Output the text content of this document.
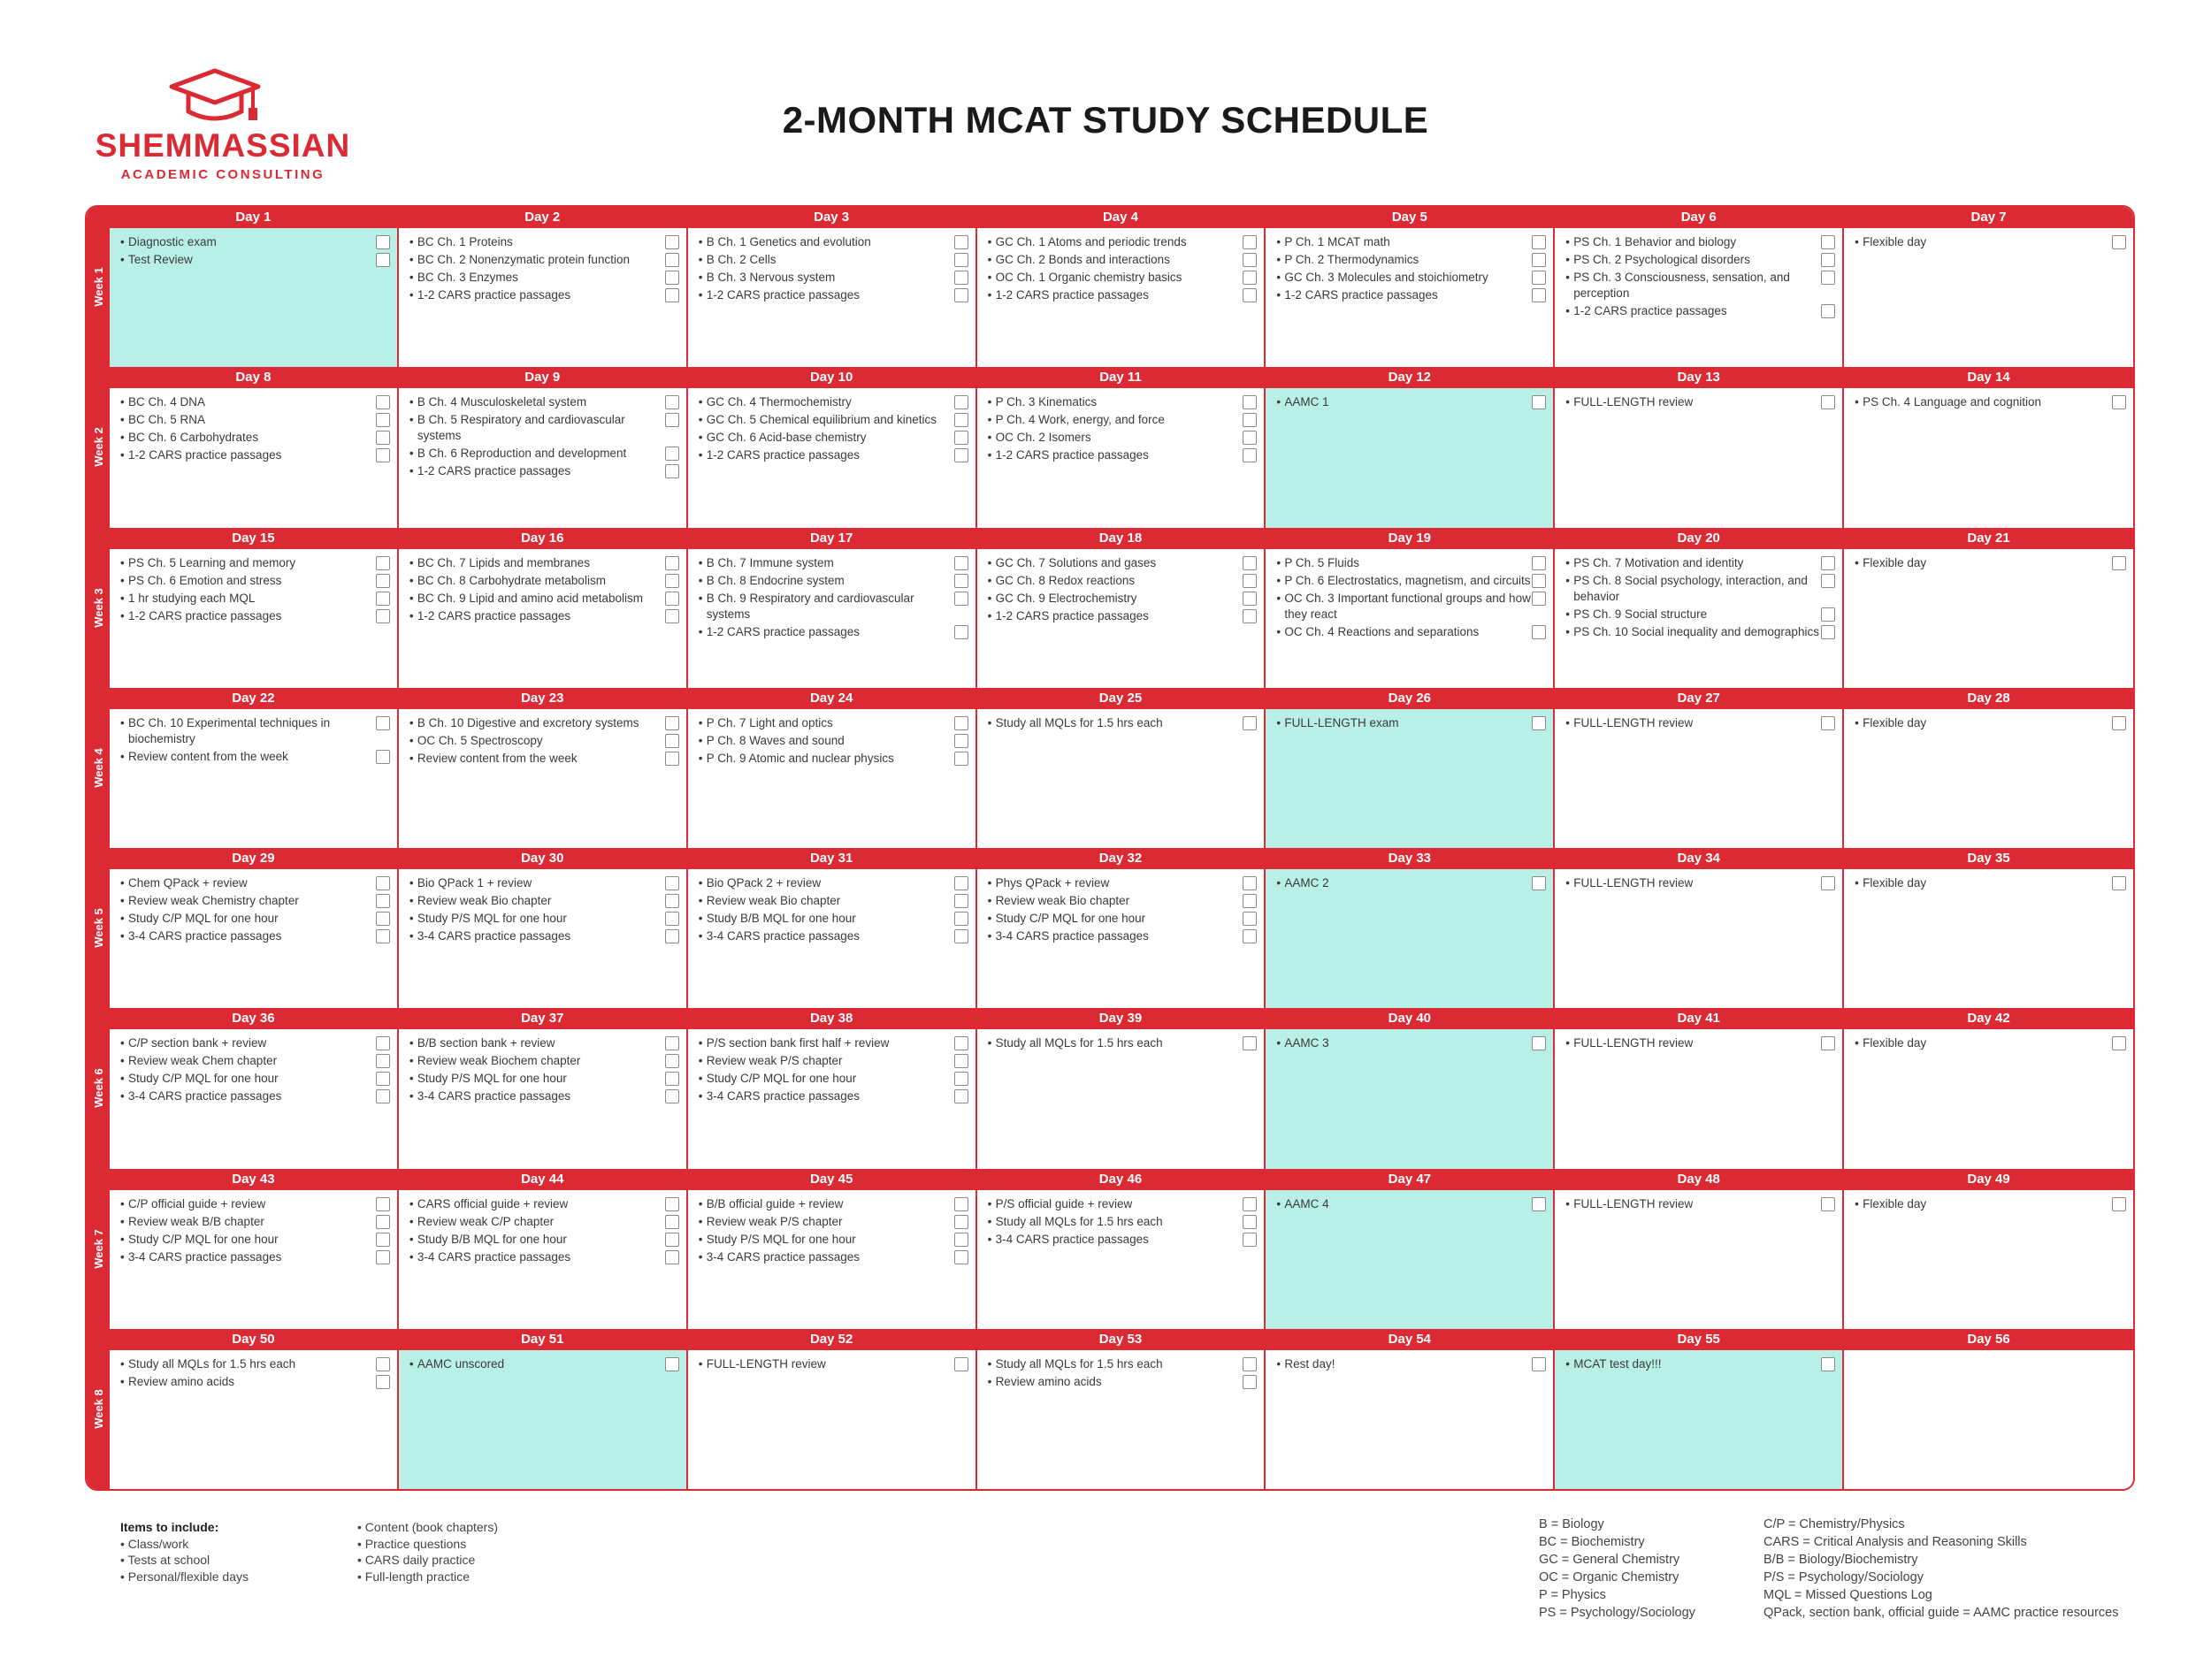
SHEMMASSIAN
ACADEMIC CONSULTING
2-MONTH MCAT STUDY SCHEDULE
Week 1
Week 2
Week 3
Week 4
Week 5
Week 6
Week 7
Week 8
Day 1
• Diagnostic exam
• Test Review
Day 2
• BC Ch. 1 Proteins
• BC Ch. 2 Nonenzymatic protein function
• BC Ch. 3 Enzymes
• 1-2 CARS practice passages
Day 3
• B Ch. 1 Genetics and evolution
• B Ch. 2 Cells
• B Ch. 3 Nervous system
• 1-2 CARS practice passages
Day 4
• GC Ch. 1 Atoms and periodic trends
• GC Ch. 2 Bonds and interactions
• OC Ch. 1 Organic chemistry basics
• 1-2 CARS practice passages
Day 5
• P Ch. 1 MCAT math
• P Ch. 2 Thermodynamics
• GC Ch. 3 Molecules and stoichiometry
• 1-2 CARS practice passages
Day 6
• PS Ch. 1 Behavior and biology
• PS Ch. 2 Psychological disorders
• PS Ch. 3 Consciousness, sensation, and perception
• 1-2 CARS practice passages
Day 7
• Flexible day
Day 8
• BC Ch. 4 DNA
• BC Ch. 5 RNA
• BC Ch. 6 Carbohydrates
• 1-2 CARS practice passages
Day 9
• B Ch. 4 Musculoskeletal system
• B Ch. 5 Respiratory and cardiovascular systems
• B Ch. 6 Reproduction and development
• 1-2 CARS practice passages
Day 10
• GC Ch. 4 Thermochemistry
• GC Ch. 5 Chemical equilibrium and kinetics
• GC Ch. 6 Acid-base chemistry
• 1-2 CARS practice passages
Day 11
• P Ch. 3 Kinematics
• P Ch. 4 Work, energy, and force
• OC Ch. 2 Isomers
• 1-2 CARS practice passages
Day 12
• AAMC 1
Day 13
• FULL-LENGTH review
Day 14
• PS Ch. 4 Language and cognition
Day 15
• PS Ch. 5 Learning and memory
• PS Ch. 6 Emotion and stress
• 1 hr studying each MQL
• 1-2 CARS practice passages
Day 16
• BC Ch. 7 Lipids and membranes
• BC Ch. 8 Carbohydrate metabolism
• BC Ch. 9 Lipid and amino acid metabolism
• 1-2 CARS practice passages
Day 17
• B Ch. 7 Immune system
• B Ch. 8 Endocrine system
• B Ch. 9 Respiratory and cardiovascular systems
• 1-2 CARS practice passages
Day 18
• GC Ch. 7 Solutions and gases
• GC Ch. 8 Redox reactions
• GC Ch. 9 Electrochemistry
• 1-2 CARS practice passages
Day 19
• P Ch. 5 Fluids
• P Ch. 6 Electrostatics, magnetism, and circuits
• OC Ch. 3 Important functional groups and how they react
• OC Ch. 4 Reactions and separations
Day 20
• PS Ch. 7 Motivation and identity
• PS Ch. 8 Social psychology, interaction, and behavior
• PS Ch. 9 Social structure
• PS Ch. 10 Social inequality and demographics
Day 21
• Flexible day
Day 22
• BC Ch. 10 Experimental techniques in biochemistry
• Review content from the week
Day 23
• B Ch. 10 Digestive and excretory systems
• OC Ch. 5 Spectroscopy
• Review content from the week
Day 24
• P Ch. 7 Light and optics
• P Ch. 8 Waves and sound
• P Ch. 9 Atomic and nuclear physics
Day 25
• Study all MQLs for 1.5 hrs each
Day 26
• FULL-LENGTH exam
Day 27
• FULL-LENGTH review
Day 28
• Flexible day
Day 29
• Chem QPack + review
• Review weak Chemistry chapter
• Study C/P MQL for one hour
• 3-4 CARS practice passages
Day 30
• Bio QPack 1 + review
• Review weak Bio chapter
• Study P/S MQL for one hour
• 3-4 CARS practice passages
Day 31
• Bio QPack 2 + review
• Review weak Bio chapter
• Study B/B MQL for one hour
• 3-4 CARS practice passages
Day 32
• Phys QPack + review
• Review weak Bio chapter
• Study C/P MQL for one hour
• 3-4 CARS practice passages
Day 33
• AAMC 2
Day 34
• FULL-LENGTH review
Day 35
• Flexible day
Day 36
• C/P section bank + review
• Review weak Chem chapter
• Study C/P MQL for one hour
• 3-4 CARS practice passages
Day 37
• B/B section bank + review
• Review weak Biochem chapter
• Study P/S MQL for one hour
• 3-4 CARS practice passages
Day 38
• P/S section bank first half + review
• Review weak P/S chapter
• Study C/P MQL for one hour
• 3-4 CARS practice passages
Day 39
• Study all MQLs for 1.5 hrs each
Day 40
• AAMC 3
Day 41
• FULL-LENGTH review
Day 42
• Flexible day
Day 43
• C/P official guide + review
• Review weak B/B chapter
• Study C/P MQL for one hour
• 3-4 CARS practice passages
Day 44
• CARS official guide + review
• Review weak C/P chapter
• Study B/B MQL for one hour
• 3-4 CARS practice passages
Day 45
• B/B official guide + review
• Review weak P/S chapter
• Study P/S MQL for one hour
• 3-4 CARS practice passages
Day 46
• P/S official guide + review
• Study all MQLs for 1.5 hrs each
• 3-4 CARS practice passages
Day 47
• AAMC 4
Day 48
• FULL-LENGTH review
Day 49
• Flexible day
Day 50
• Study all MQLs for 1.5 hrs each
• Review amino acids
Day 51
• AAMC unscored
Day 52
• FULL-LENGTH review
Day 53
• Study all MQLs for 1.5 hrs each
• Review amino acids
Day 54
• Rest day!
Day 55
• MCAT test day!!!
Day 56
Items to include:
• Class/work
• Tests at school
• Personal/flexible days
• Content (book chapters)
• Practice questions
• CARS daily practice
• Full-length practice
B = Biology
BC = Biochemistry
GC = General Chemistry
OC = Organic Chemistry
P = Physics
PS = Psychology/Sociology
C/P = Chemistry/Physics
CARS = Critical Analysis and Reasoning Skills
B/B = Biology/Biochemistry
P/S = Psychology/Sociology
MQL = Missed Questions Log
QPack, section bank, official guide = AAMC practice resources
